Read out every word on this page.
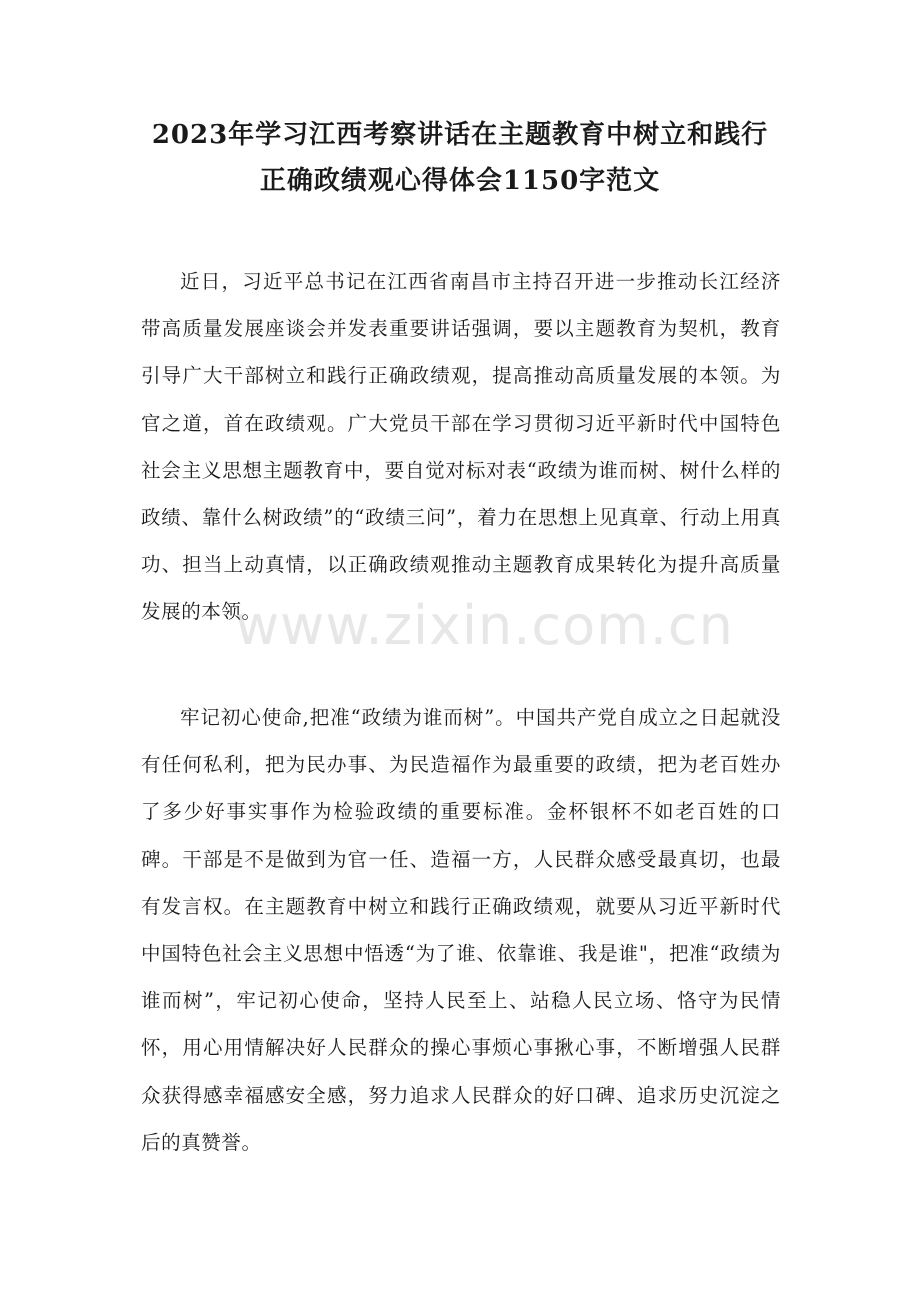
2023年学习江西考察讲话在主题教育中树立和践行
正确政绩观心得体会1150字范文

近日，习近平总书记在江西省南昌市主持召开进一步推动长江经济带高质量发展座谈会并发表重要讲话强调，要以主题教育为契机，教育引导广大干部树立和践行正确政绩观，提高推动高质量发展的本领。为官之道，首在政绩观。广大党员干部在学习贯彻习近平新时代中国特色社会主义思想主题教育中，要自觉对标对表“政绩为谁而树、树什么样的政绩、靠什么树政绩”的“政绩三问”，着力在思想上见真章、行动上用真功、担当上动真情，以正确政绩观推动主题教育成果转化为提升高质量发展的本领。

牢记初心使命,把准“政绩为谁而树”。中国共产党自成立之日起就没有任何私利，把为民办事、为民造福作为最重要的政绩，把为老百姓办了多少好事实事作为检验政绩的重要标准。金杯银杯不如老百姓的口碑。干部是不是做到为官一任、造福一方，人民群众感受最真切，也最有发言权。在主题教育中树立和践行正确政绩观，就要从习近平新时代中国特色社会主义思想中悟透“为了谁、依靠谁、我是谁"，把准“政绩为谁而树”，牢记初心使命，坚持人民至上、站稳人民立场、恪守为民情怀，用心用情解决好人民群众的操心事烦心事揪心事，不断增强人民群众获得感幸福感安全感，努力追求人民群众的好口碑、追求历史沉淀之后的真赞誉。

www.zixin.com.cn
